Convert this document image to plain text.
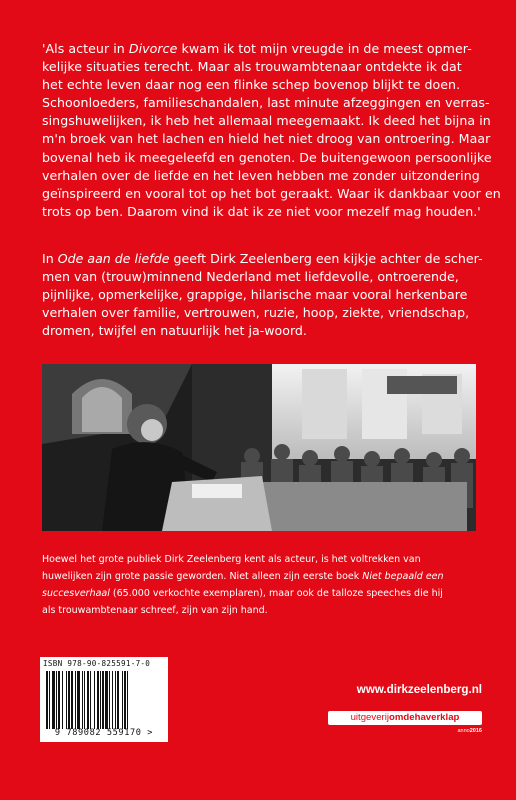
'Als acteur in Divorce kwam ik tot mijn vreugde in de meest opmer-
kelijke situaties terecht. Maar als trouwambtenaar ontdekte ik dat
het echte leven daar nog een flinke schep bovenop blijkt te doen.
Schoonloeders, familieschandalen, last minute afzeggingen en verras-
singshuwelijken, ik heb het allemaal meegemaakt. Ik deed het bijna in
m'n broek van het lachen en hield het niet droog van ontroering. Maar
bovenal heb ik meegeleefd en genoten. De buitengewoon persoonlijke
verhalen over de liefde en het leven hebben me zonder uitzondering
geïnspireerd en vooral tot op het bot geraakt. Waar ik dankbaar voor en
trots op ben. Daarom vind ik dat ik ze niet voor mezelf mag houden.'
In Ode aan de liefde geeft Dirk Zeelenberg een kijkje achter de scher-
men van (trouw)minnend Nederland met liefdevolle, ontroerende,
pijnlijke, opmerkelijke, grappige, hilarische maar vooral herkenbare
verhalen over familie, vertrouwen, ruzie, hoop, ziekte, vriendschap,
dromen, twijfel en natuurlijk het ja-woord.
Hoewel het grote publiek Dirk Zeelenberg kent als acteur, is het voltrekken van
huwelijken zijn grote passie geworden. Niet alleen zijn eerste boek Niet bepaald een
succesverhaal (65.000 verkochte exemplaren), maar ook de talloze speeches die hij
als trouwambtenaar schreef, zijn van zijn hand.
ISBN 978-90-825591-7-0
9 789082 559170 >
www.dirkzeelenberg.nl
uitgeverijomdehaverklap
anno2016
